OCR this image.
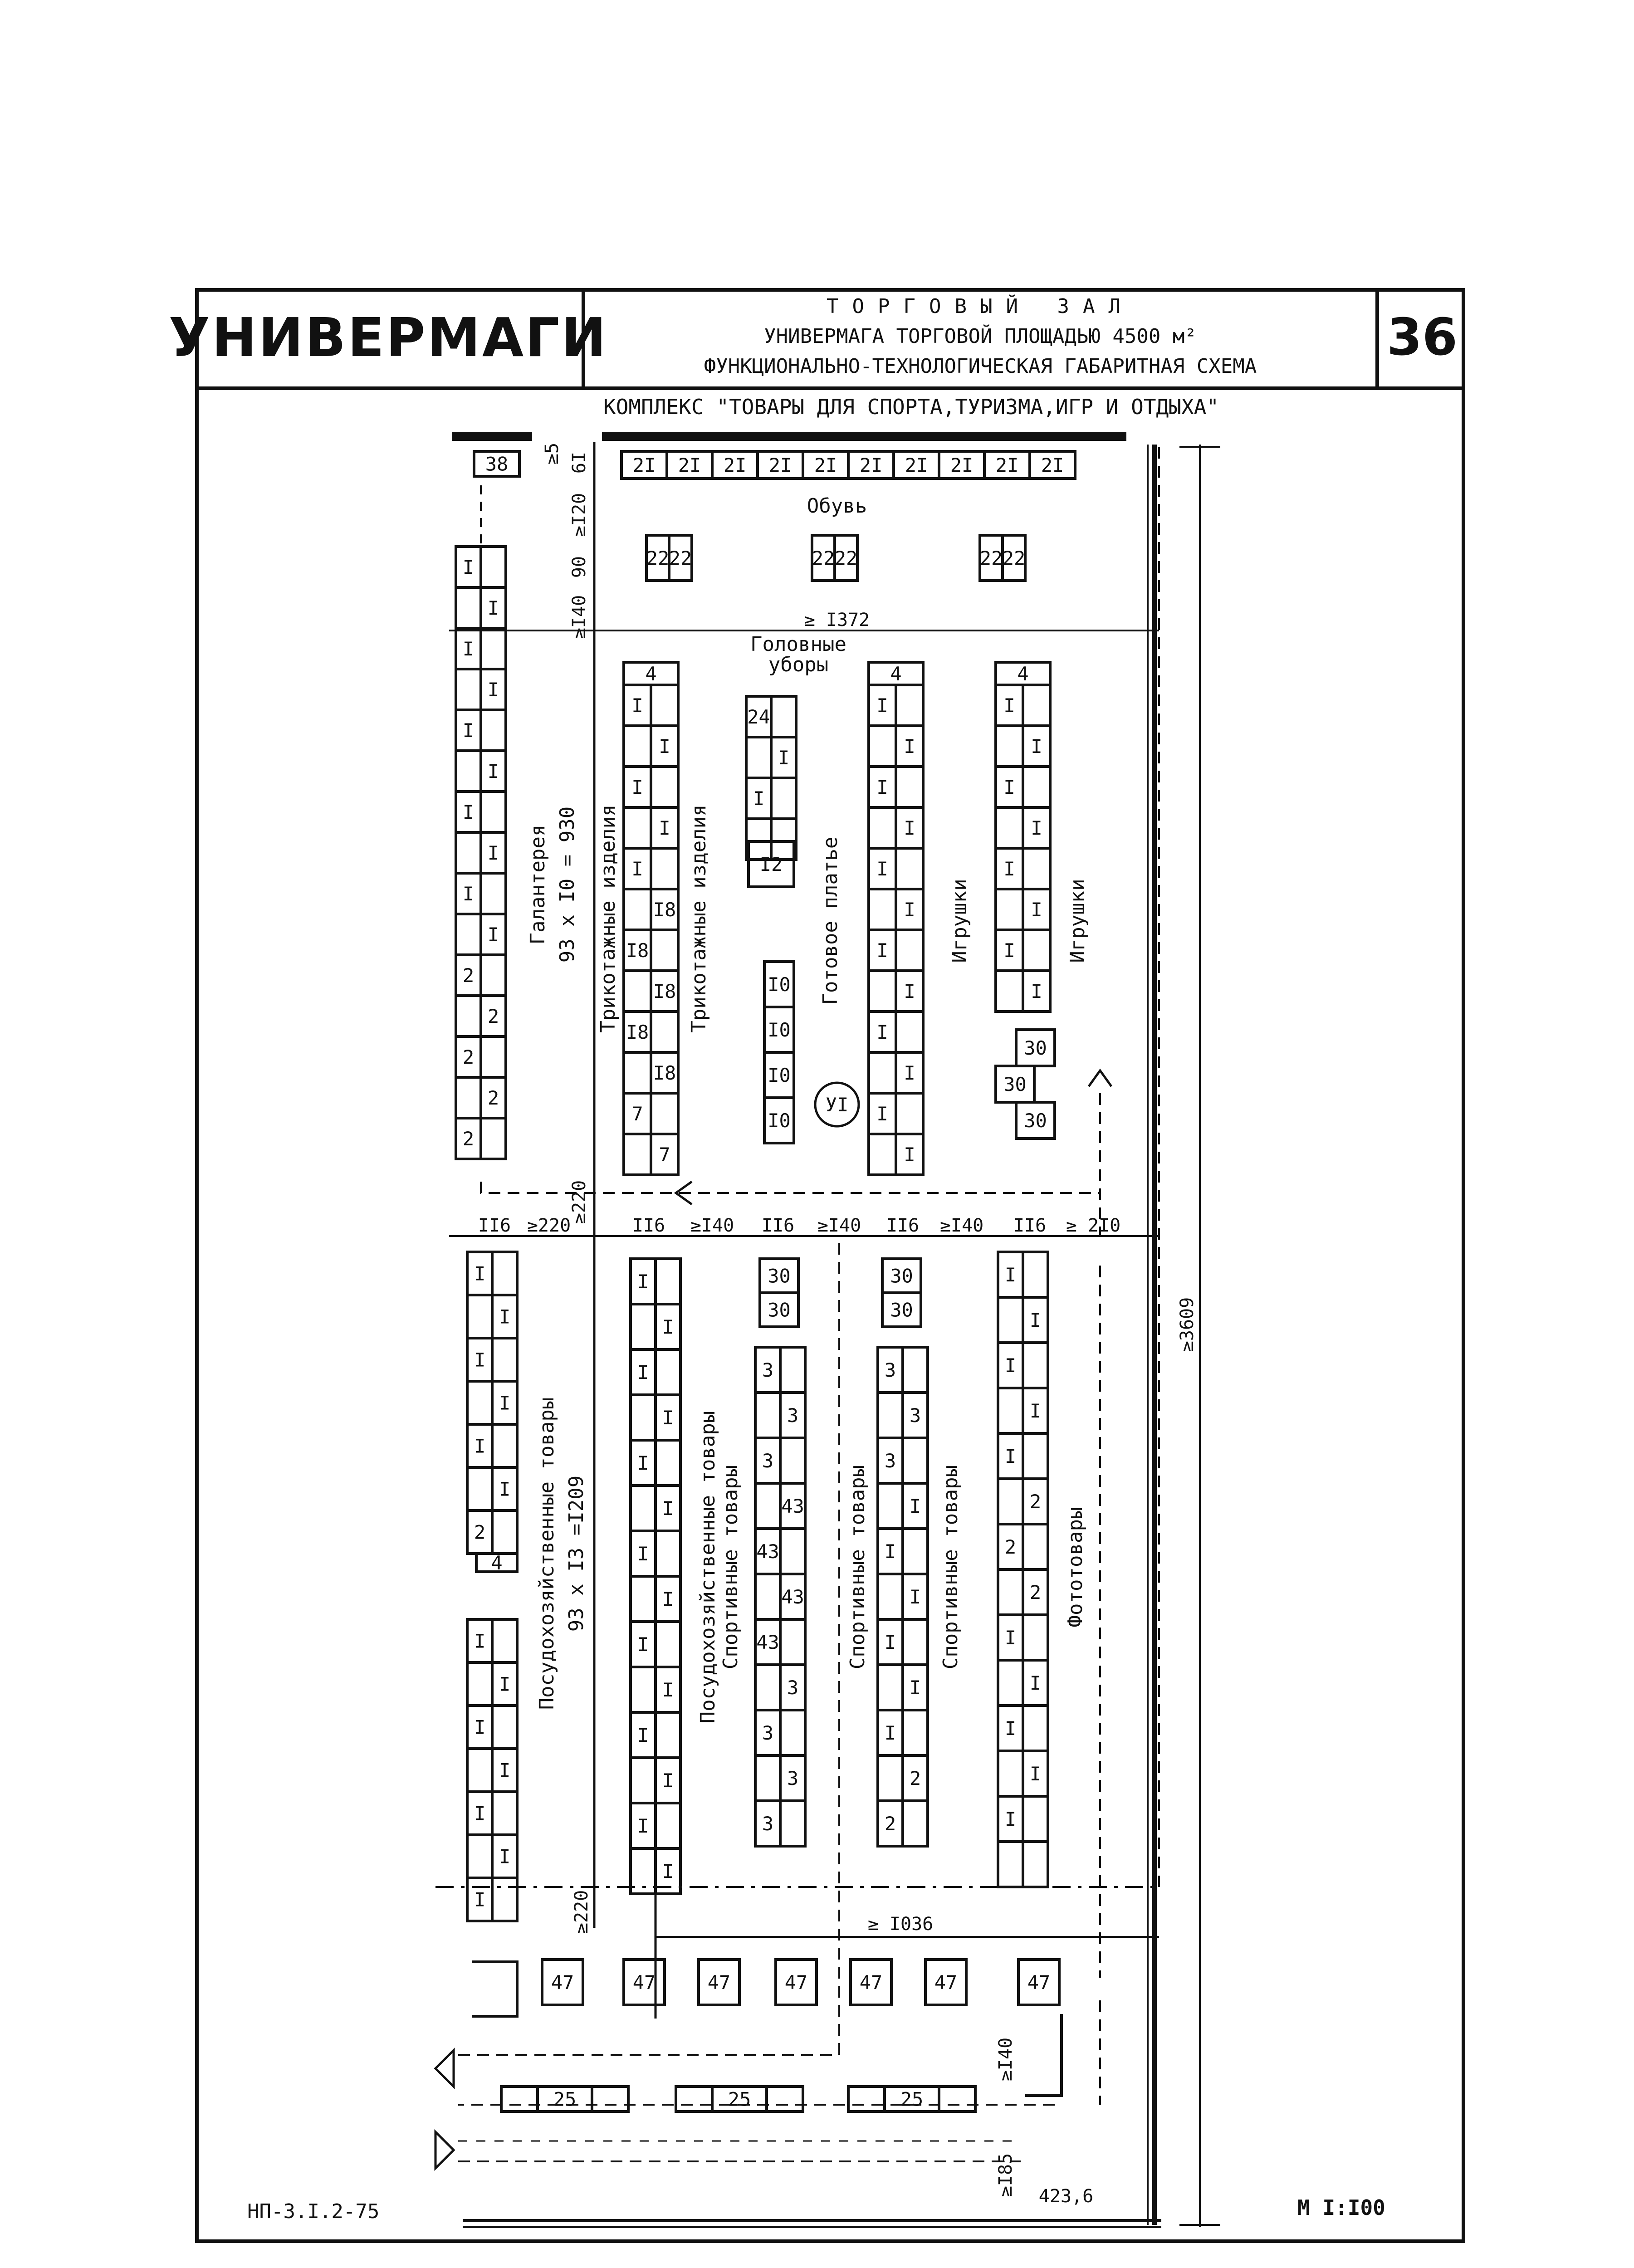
УНИВЕРМАГИ	ТОРГОВЫЙ ЗАЛ
УНИВЕРМАГА ТОРГОВОЙ ПЛОЩАДЬЮ 4500 м²
ФУНКЦИОНАЛЬНО-ТЕХНОЛОГИЧЕСКАЯ ГАБАРИТНАЯ СХЕМА	36
КОМПЛЕКС "ТОВАРЫ ДЛЯ СПОРТА,ТУРИЗМА,ИГР И ОТДЫХА"
НП-3.I.2-75	М I:I00
38	2I 2I 2I 2I 2I 2I 2I 2I 2I 2I
22 22	22 22	22 22
I
I
I
I
I
I
I
I
I
I
2
2
2
2
2
4
I
I
I
I
I
I8
I8
I8
I8
I8
7
7
24
I
I
I2
I0
I0
I0
I0
4
I
I
I
I
I
I
I
I
I
I
I
I
4
I
I
I
I
I
I
I
I
30
30
30
I
I
I
I
I
I
2
4
I
I
I
I
I
I
I
I
I
I
I
I
I
I
I
I
I
I
I
I
I
30
30
3
3
3
43
43
43
43
3
3
3
3
30
30
3
3
3
I
I
I
I
I
I
2
2
I
I
I
I
I
2
2
2
I
I
I
I
I
47	47	47	47	47	47	47
25	25	25
УI
Обувь
Головные
уборы
Галантерея 93 х I0 = 930 Трикотажные изделия	Трикотажные изделия	Готовое платье	Игрушки	Игрушки
Посудохозяйственные товары 93 х I3 =I209	Посудохозяйственные товары Спортивные товары	Спортивные товары	Спортивные товары	Фототовары
≥5 6I
≥I20
90
≥I40	≥ I372
≥3609
≥220
II6 ≥220	II6 ≥I40 II6 ≥I40 II6 ≥I40 II6 ≥ 2I0
≥220	≥ I036
≥I40
≥I85 423,6
